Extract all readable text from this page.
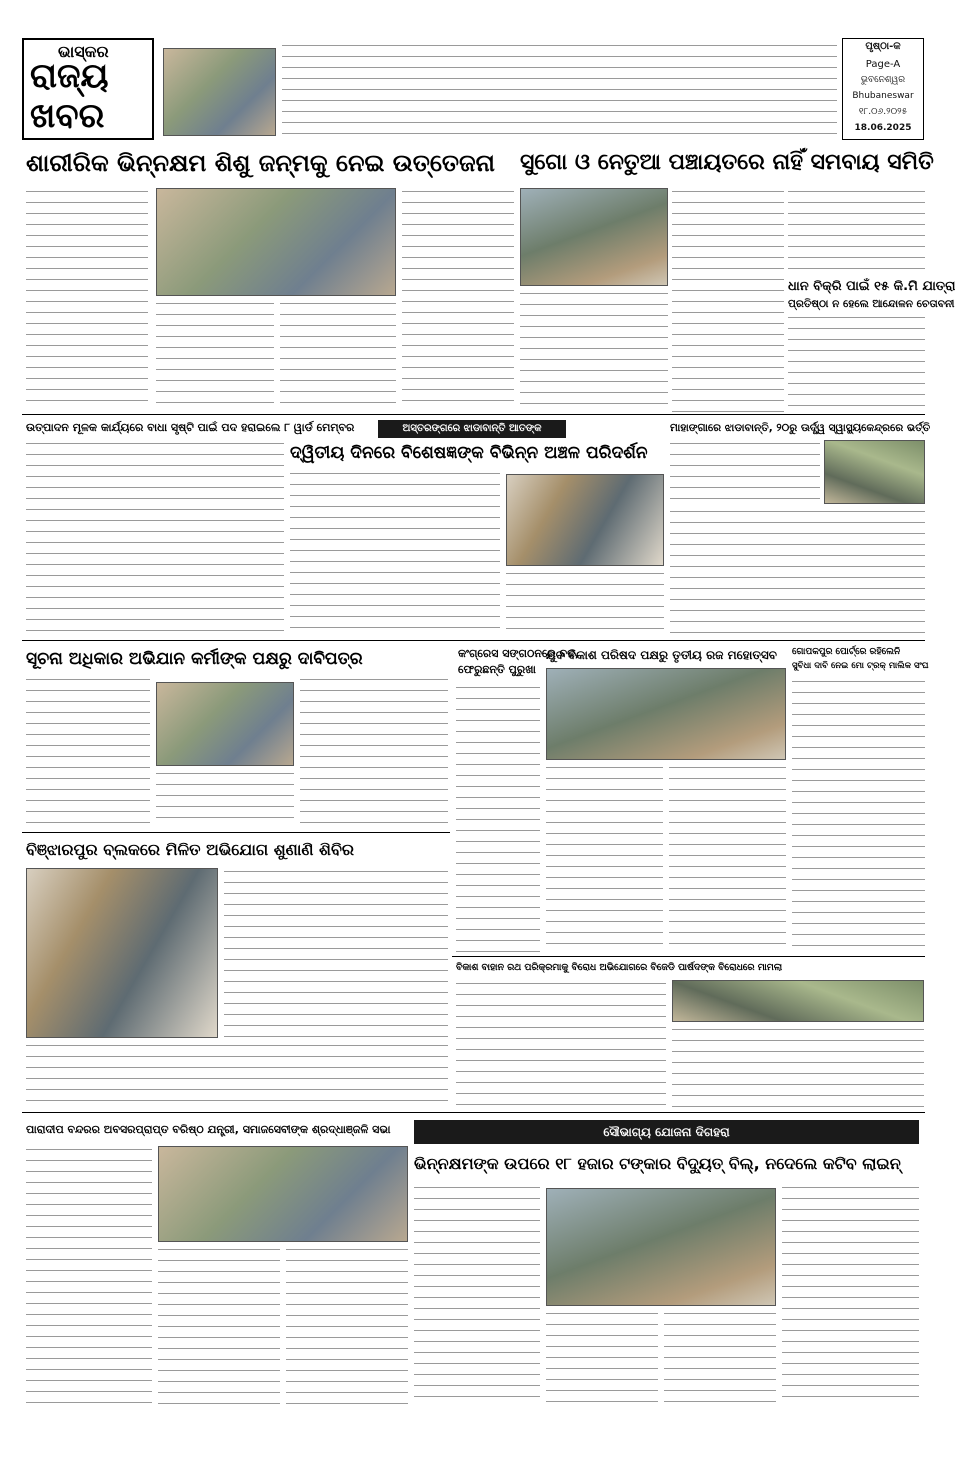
ଭାସ୍କର
ରାଜ୍ୟ
ଖବର
ପୃଷ୍ଠା-କ
Page-A
ଭୁବନେଶ୍ୱର
Bhubaneswar
୧୮.୦୬.୨୦୨୫
18.06.2025
ଶାରୀରିକ ଭିନ୍ନକ୍ଷମ ଶିଶୁ ଜନ୍ମକୁ ନେଇ ଉତ୍ତେଜନା	ସୁଗୋ ଓ ନେତୁଆ ପଞ୍ଚାୟତରେ ନାହିଁ ସମବାୟ ସମିତି
ଧାନ ବିକ୍ରି ପାଇଁ ୧୫ କି.ମି ଯାତ୍ରା
ପ୍ରତିଷ୍ଠା ନ ହେଲେ ଆନ୍ଦୋଳନ ଚେତାବନୀ
ଉତ୍ପାଦନ ମୂଳକ କାର୍ଯ୍ୟରେ ବାଧା ସୃଷ୍ଟି ପାଇଁ ପଦ ହରାଇଲେ ୮ ୱାର୍ଡ ମେମ୍ବର	ଅସ୍ତରଙ୍ଗରେ ଝାଡାବାନ୍ତି ଆତଙ୍କ
ଦ୍ୱିତୀୟ ଦିନରେ ବିଶେଷଜ୍ଞଙ୍କ ବିଭିନ୍ନ ଅଞ୍ଚଳ ପରିଦର୍ଶନ
ମାହାଙ୍ଗାରେ ଝାଡାବାନ୍ତି, ୨୦ରୁ ଊର୍ଦ୍ଧ୍ୱ ସ୍ୱାସ୍ଥ୍ୟକେନ୍ଦ୍ରରେ ଭର୍ତ୍ତି
ସୂଚନା ଅଧିକାର ଅଭିଯାନ କର୍ମୀଙ୍କ ପକ୍ଷରୁ ଦାବିପତ୍ର	କଂଗ୍ରେସ ସଙ୍ଗଠନରେ ବଳ,
ଫେରୁଛନ୍ତି ପୁରୁଖା
ଯୁବ ବିକାଶ ପରିଷଦ ପକ୍ଷରୁ ତୃତୀୟ ରଜ ମହୋତ୍ସବ	ଗୋପକପୁର ପୋର୍ଟ୍ରେ ରହିଲେନି
ସୁବିଧା ଦାବି ନେଇ ମୋ ଟ୍ରକ୍ ମାଲିକ ସଂଘ
ବିଞ୍ଝାରପୁର ବ୍ଲକରେ ମିଳିତ ଅଭିଯୋଗ ଶୁଣାଣି ଶିବିର
ବିକାଶ ବାହାନ ରଥ ପରିକ୍ରମାକୁ ବିରୋଧ ଅଭିଯୋଗରେ ବିଜେଡି ପାର୍ଷଦଙ୍କ ବିରୋଧରେ ମାମଲା
ପାରାଦୀପ ବନ୍ଦରର ଅବସରପ୍ରାପ୍ତ ବରିଷ୍ଠ ଯନ୍ତ୍ରୀ, ସମାଜସେବୀଙ୍କ ଶ୍ରଦ୍ଧାଞ୍ଜଳି ସଭା	ସୌଭାଗ୍ୟ ଯୋଜନା ଦିଗହରା
ଭିନ୍ନକ୍ଷମଙ୍କ ଉପରେ ୧୮ ହଜାର ଟଙ୍କାର ବିଦ୍ୟୁତ୍ ବିଲ୍, ନଦେଲେ କଟିବ ଲାଇନ୍
